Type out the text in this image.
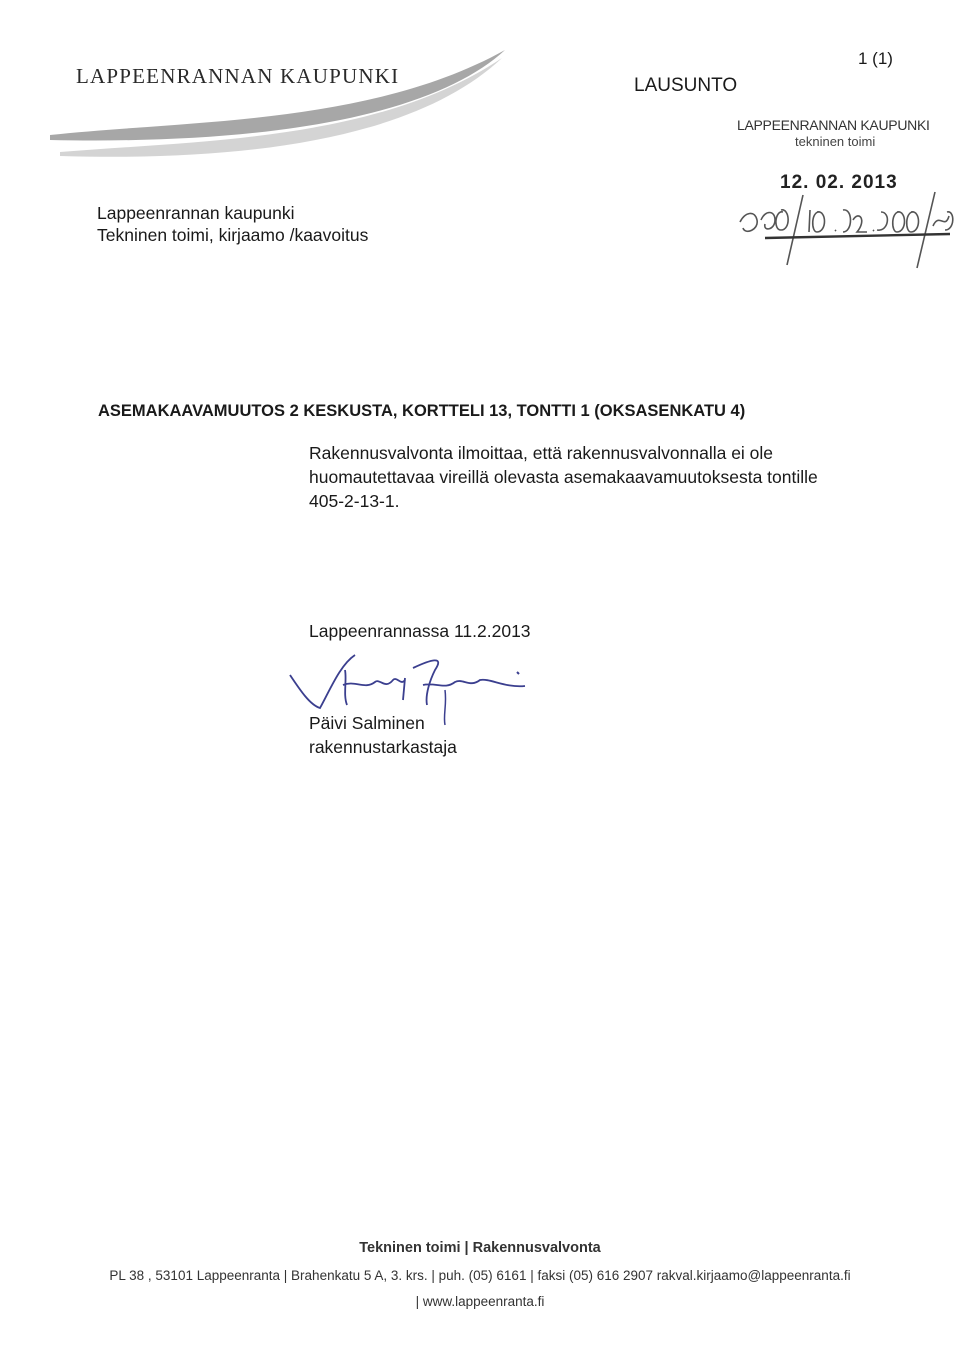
LAPPEENRANNAN KAUPUNKI	LAUSUNTO
1 (1)
LAPPEENRANNAN KAUPUNKI
tekninen toimi
12. 02. 2013
Lappeenrannan kaupunki
Tekninen toimi, kirjaamo /kaavoitus
ASEMAKAAVAMUUTOS 2 KESKUSTA, KORTTELI 13, TONTTI 1 (OKSASENKATU 4)
Rakennusvalvonta ilmoittaa, että rakennusvalvonnalla ei ole
huomautettavaa vireillä olevasta asemakaavamuutoksesta tontille
405-2-13-1.
Lappeenrannassa 11.2.2013
Päivi Salminen
rakennustarkastaja
Tekninen toimi | Rakennusvalvonta
PL 38 , 53101 Lappeenranta | Brahenkatu 5 A, 3. krs. | puh. (05) 6161 | faksi (05) 616 2907 rakval.kirjaamo@lappeenranta.fi
| www.lappeenranta.fi
